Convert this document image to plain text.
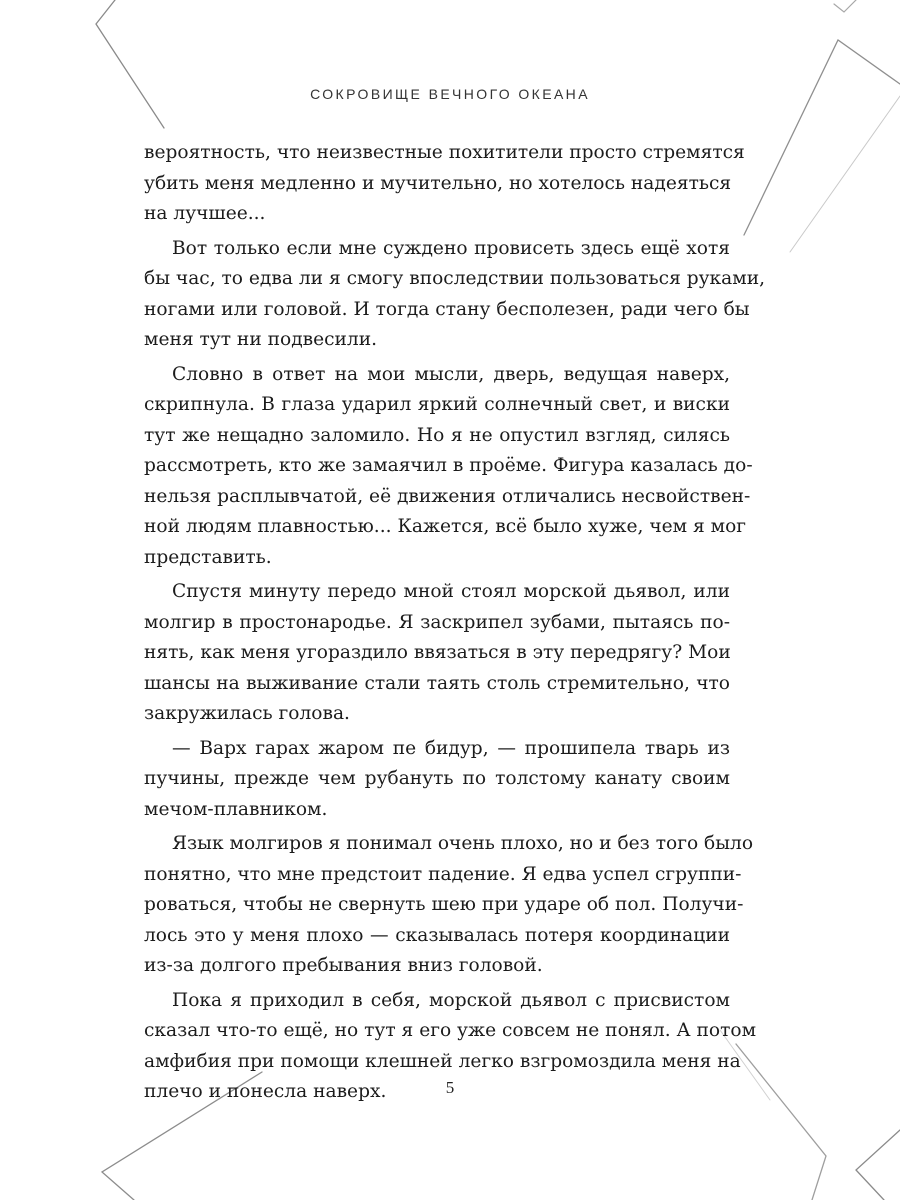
СОКРОВИЩЕ ВЕЧНОГО ОКЕАНА

вероятность, что неизвестные похитители просто стремятся
убить меня медленно и мучительно, но хотелось надеяться
на лучшее...

Вот только если мне суждено провисеть здесь ещё хотя
бы час, то едва ли я смогу впоследствии пользоваться руками,
ногами или головой. И тогда стану бесполезен, ради чего бы
меня тут ни подвесили.

Словно в ответ на мои мысли, дверь, ведущая наверх,
скрипнула. В глаза ударил яркий солнечный свет, и виски
тут же нещадно заломило. Но я не опустил взгляд, силясь
рассмотреть, кто же замаячил в проёме. Фигура казалась до-
нельзя расплывчатой, её движения отличались несвойствен-
ной людям плавностью... Кажется, всё было хуже, чем я мог
представить.

Спустя минуту передо мной стоял морской дьявол, или
молгир в простонародье. Я заскрипел зубами, пытаясь по-
нять, как меня угораздило ввязаться в эту передрягу? Мои
шансы на выживание стали таять столь стремительно, что
закружилась голова.

— Варх гарах жаром пе бидур, — прошипела тварь из
пучины, прежде чем рубануть по толстому канату своим
мечом-плавником.

Язык молгиров я понимал очень плохо, но и без того было
понятно, что мне предстоит падение. Я едва успел сгруппи-
роваться, чтобы не свернуть шею при ударе об пол. Получи-
лось это у меня плохо — сказывалась потеря координации
из-за долгого пребывания вниз головой.

Пока я приходил в себя, морской дьявол с присвистом
сказал что-то ещё, но тут я его уже совсем не понял. А потом
амфибия при помощи клешней легко взгромоздила меня на
плечо и понесла наверх.	5
